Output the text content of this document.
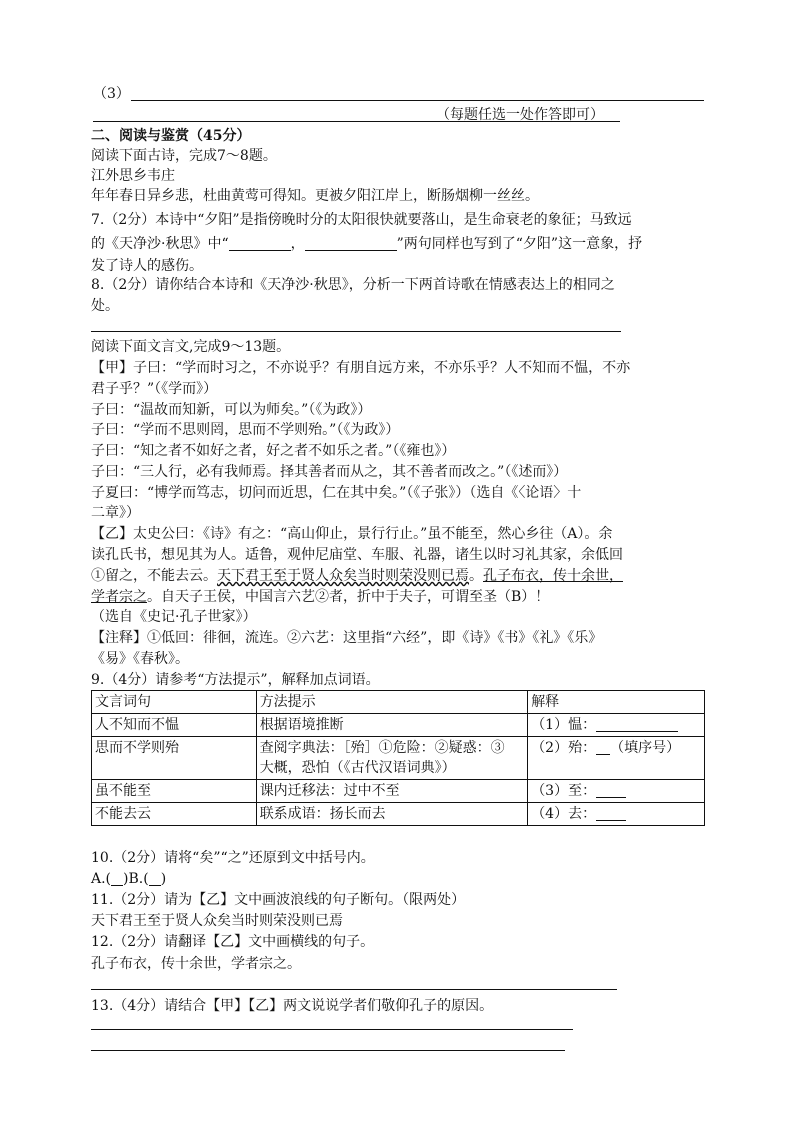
（3）
（每题任选一处作答即可）
二、阅读与鉴赏（45分）
阅读下面古诗，完成7～8题。
江外思乡韦庄
年年春日异乡悲，杜曲黄莺可得知。更被夕阳江岸上，断肠烟柳一丝丝。
7.（2分）本诗中“夕阳”是指傍晚时分的太阳很快就要落山，是生命衰老的象征；马致远
的《天净沙·秋思》中“	，	”两句同样也写到了“夕阳”这一意象，抒
发了诗人的感伤。
8.（2分）请你结合本诗和《天净沙·秋思》，分析一下两首诗歌在情感表达上的相同之
处。
阅读下面文言文,完成9～13题。
【甲】子曰：“学而时习之，不亦说乎？有朋自远方来，不亦乐乎？人不知而不愠，不亦
君子乎？”（《学而》）
子曰：“温故而知新，可以为师矣。”（《为政》）
子曰：“学而不思则罔，思而不学则殆。”（《为政》）
子曰：“知之者不如好之者，好之者不如乐之者。”（《雍也》）
子曰：“三人行，必有我师焉。择其善者而从之，其不善者而改之。”（《述而》）
子夏曰：“博学而笃志，切问而近思，仁在其中矣。”（《子张》）（选自《〈论语〉十
二章》）
【乙】太史公曰：《诗》有之：“高山仰止，景行行止。”虽不能至，然心乡往（A）。余
读孔氏书，想见其为人。适鲁，观仲尼庙堂、车服、礼器，诸生以时习礼其家，余低回
①留之，不能去云。天下君王至于贤人众矣当时则荣没则已焉。孔子布衣，传十余世，
学者宗之。自天子王侯，中国言六艺②者，折中于夫子，可谓至圣（B）！
（选自《史记·孔子世家》）
【注释】①低回：徘徊，流连。②六艺：这里指“六经”，即《诗》《书》《礼》《乐》
《易》《春秋》。
9.（4分）请参考“方法提示”，解释加点词语。
文言词句	方法提示	解释
人不知而不愠	根据语境推断	（1）愠：
思而不学则殆	查阅字典法：［殆］①危险：②疑惑：③
大概，恐怕（《古代汉语词典》）	（2）殆： （填序号）
虽不能至	课内迁移法：过中不至	（3）至：
不能去云	联系成语：扬长而去	（4）去：
10.（2分）请将“矣”“之”还原到文中括号内。
A.( )B.( )
11.（2分）请为【乙】文中画波浪线的句子断句。（限两处）
天下君王至于贤人众矣当时则荣没则已焉
12.（2分）请翻译【乙】文中画横线的句子。
孔子布衣，传十余世，学者宗之。
13.（4分）请结合【甲】【乙】两文说说学者们敬仰孔子的原因。
